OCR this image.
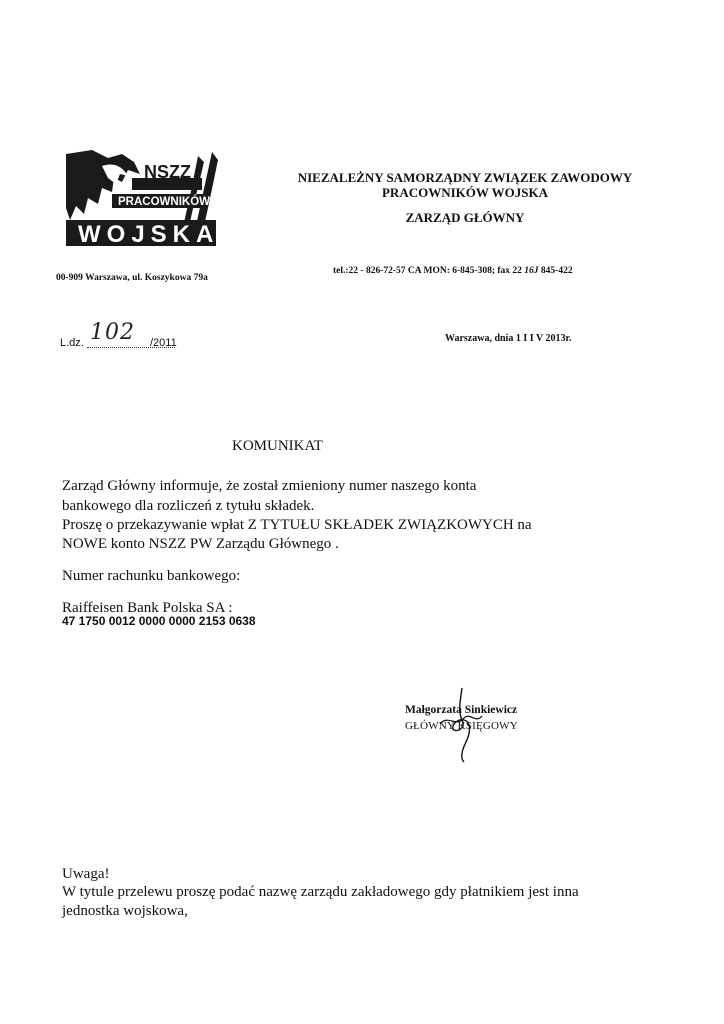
NSZZ
PRACOWNIKÓW
WOJSKA
NIEZALEŻNY SAMORZĄDNY ZWIĄZEK ZAWODOWY
PRACOWNIKÓW WOJSKA
ZARZĄD GŁÓWNY
00-909 Warszawa, ul. Koszykowa 79a
tel.:22 - 826-72-57 CA MON: 6-845-308; fax 22 16J 845-422
L.dz. 102 /2011	Warszawa, dnia 1 I I V 2013r.
KOMUNIKAT
Zarząd Główny informuje, że został zmieniony numer naszego konta
bankowego dla rozliczeń z tytułu składek.
Proszę o przekazywanie wpłat Z TYTUŁU SKŁADEK ZWIĄZKOWYCH na
NOWE konto NSZZ PW Zarządu Głównego .
Numer rachunku bankowego:
Raiffeisen Bank Polska SA :
47 1750 0012 0000 0000 2153 0638
Małgorzata Sinkiewicz
GŁÓWNY KSIĘGOWY
Uwaga!
W tytule przelewu proszę podać nazwę zarządu zakładowego gdy płatnikiem jest inna
jednostka wojskowa,
